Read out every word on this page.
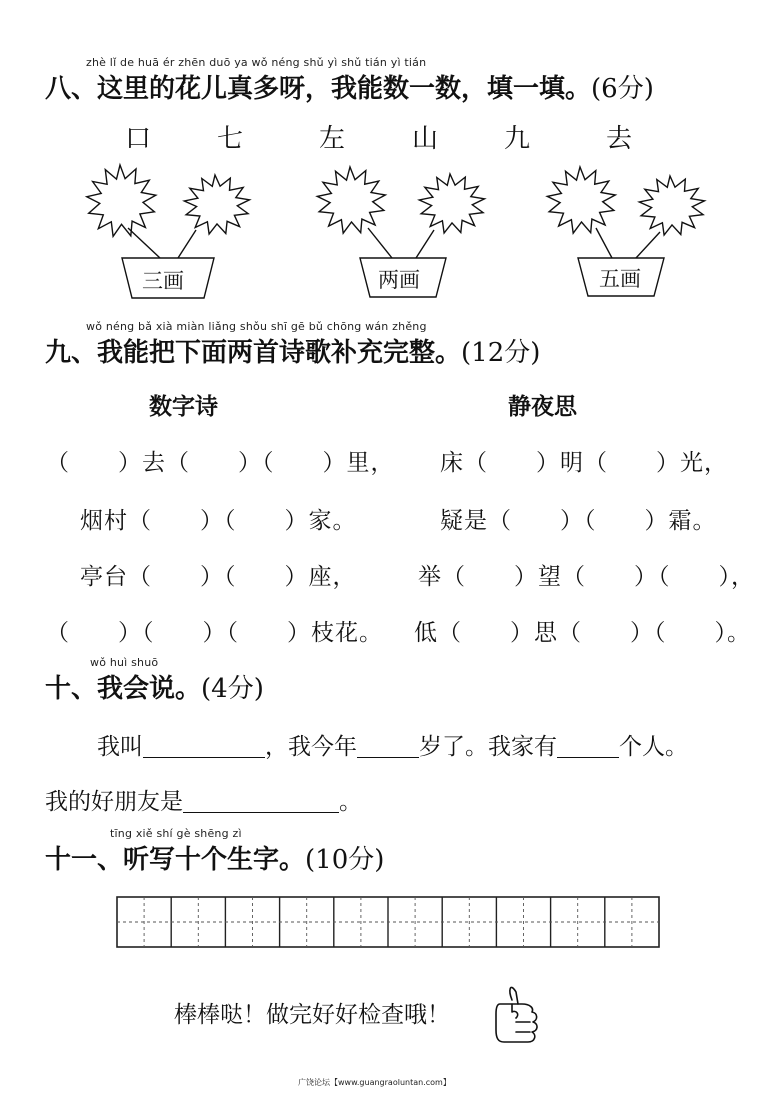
zhè lǐ de huā ér zhēn duō ya wǒ néng shǔ yì shǔ tián yì tián
八、这里的花儿真多呀，我能数一数，填一填。(6分)
口	七	左	山	九	去
三画	两画	五画
wǒ néng bǎ xià miàn liǎng shǒu shī gē bǔ chōng wán zhěng
九、我能把下面两首诗歌补充完整。(12分)
数字诗	静夜思
（　　）去（　　）（　　）里，
烟村（　　）（　　）家。
亭台（　　）（　　）座，
（　　）（　　）（　　）枝花。
床（　　）明（　　）光，
疑是（　　）（　　）霜。
举（　　）望（　　）（　　），
低（　　）思（　　）（　　）。
wǒ huì shuō
十、我会说。(4分)
我叫	，我今年	岁了。我家有	个人。
我的好朋友是	。
tīng xiě shí gè shēng zì
十一、听写十个生字。(10分)
棒棒哒！做完好好检查哦！
广饶论坛【www.guangraoluntan.com】
